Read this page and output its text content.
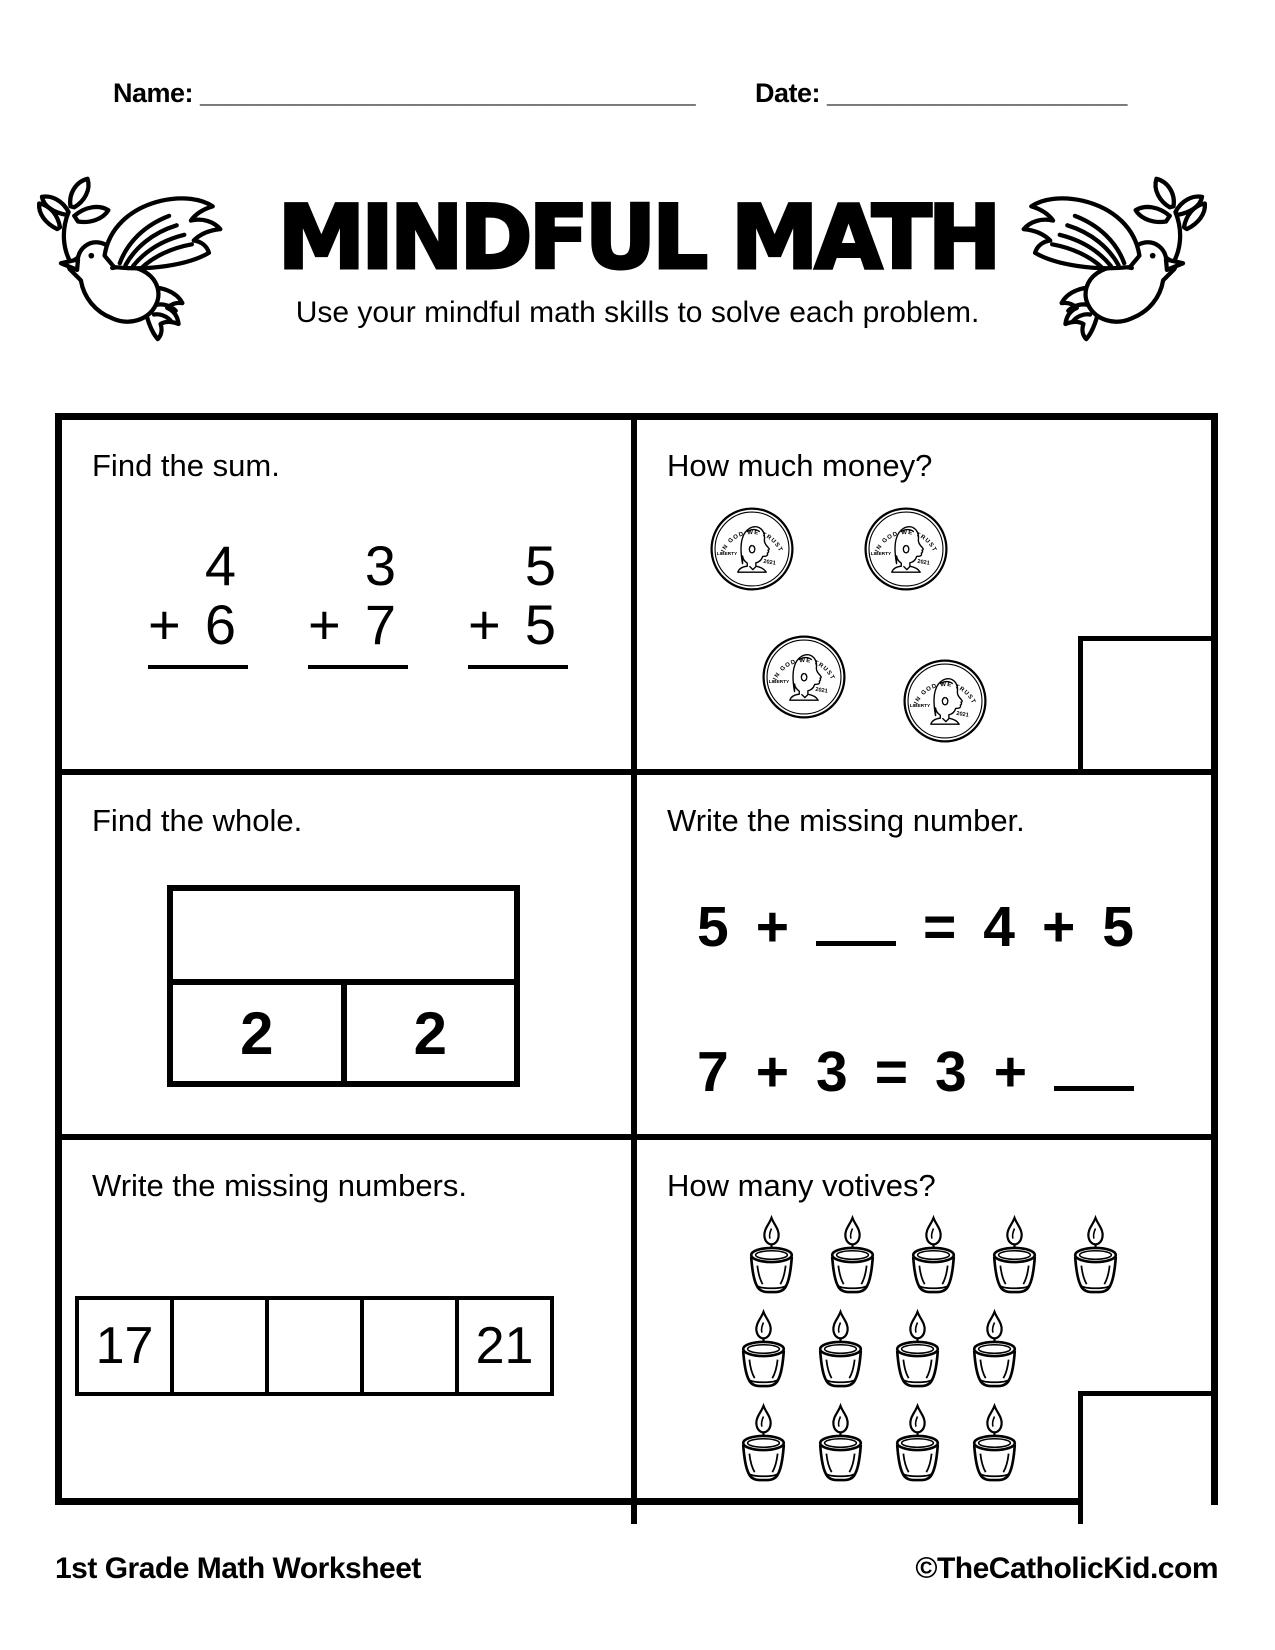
Name: _________________________________ Date: ____________________
MINDFUL MATH

Use your mindful math skills to solve each problem.

Find the sum.
4
+ 6
3
+ 7
5
+ 5
How much money?
IN GOD WE TRUST
LIBERTY
2021
IN GOD WE TRUST
LIBERTY
2021
IN GOD WE TRUST
LIBERTY
2021
IN GOD WE TRUST
LIBERTY
2021
Find the whole.
2	2
Write the missing number.
5 + = 4 + 5
7 + 3 = 3 +
Write the missing numbers.
17	21
How many votives?
1st Grade Math Worksheet	©TheCatholicKid.com
